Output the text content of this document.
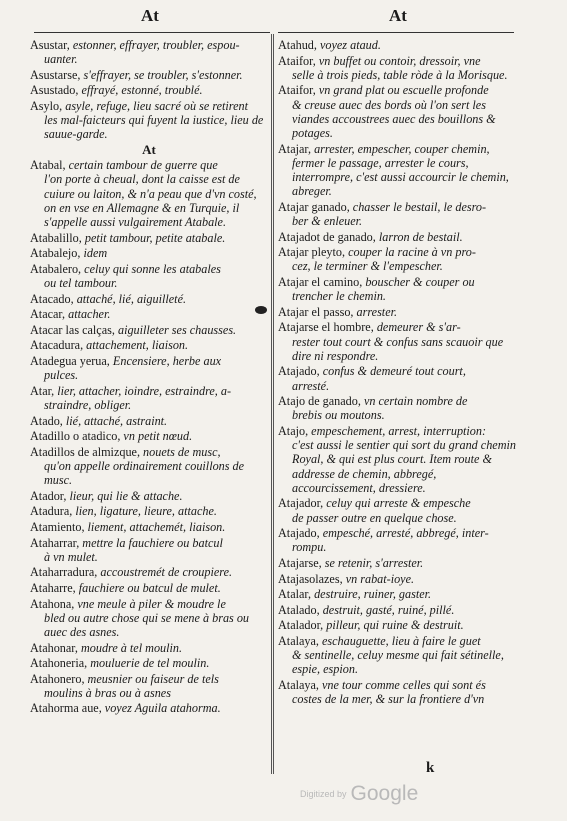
At	At
Asustar, estonner, effrayer, troubler, espou-
uanter.
Asustarse, s'effrayer, se troubler, s'estonner.
Asustado, effrayé, estonné, troublé.
Asylo, asyle, refuge, lieu sacré où se retirent
les mal-faicteurs qui fuyent la iustice, lieu de sauue-garde.
At
Atabal, certain tambour de guerre que
l'on porte à cheual, dont la caisse est de cuiure ou laiton, & n'a peau que d'vn costé, on en vse en Allemagne & en Turquie, il s'appelle aussi vulgairement Atabale.
Atabalillo, petit tambour, petite atabale.
Atabalejo, idem
Atabalero, celuy qui sonne les atabales
ou tel tambour.
Atacado, attaché, lié, aiguilleté.
Atacar, attacher.
Atacar las calças, aiguilleter ses chausses.
Atacadura, attachement, liaison.
Atadegua yerua, Encensiere, herbe aux
pulces.
Atar, lier, attacher, ioindre, estraindre, a-
straindre, obliger.
Atado, lié, attaché, astraint.
Atadillo o atadico, vn petit nœud.
Atadillos de almizque, nouets de musc,
qu'on appelle ordinairement couillons de musc.
Atador, lieur, qui lie & attache.
Atadura, lien, ligature, lieure, attache.
Atamiento, liement, attachemét, liaison.
Ataharrar, mettre la fauchiere ou batcul
à vn mulet.
Ataharradura, accoustremét de croupiere.
Ataharre, fauchiere ou batcul de mulet.
Atahona, vne meule à piler & moudre le
bled ou autre chose qui se mene à bras ou auec des asnes.
Atahonar, moudre à tel moulin.
Atahoneria, mouluerie de tel moulin.
Atahonero, meusnier ou faiseur de tels
moulins à bras ou à asnes
Atahorma aue, voyez Aguila atahorma.
Atahud, voyez ataud.
Ataifor, vn buffet ou contoir, dressoir, vne
selle à trois pieds, table ròde à la Morisque.
Ataifor, vn grand plat ou escuelle profonde
& creuse auec des bords où l'on sert les viandes accoustrees auec des bouillons & potages.
Atajar, arrester, empescher, couper chemin,
fermer le passage, arrester le cours, interrompre, c'est aussi accourcir le chemin, abreger.
Atajar ganado, chasser le bestail, le desro-
ber & enleuer.
Atajadot de ganado, larron de bestail.
Atajar pleyto, couper la racine à vn pro-
cez, le terminer & l'empescher.
Atajar el camino, bouscher & couper ou
trencher le chemin.
Atajar el passo, arrester.
Atajarse el hombre, demeurer & s'ar-
rester tout court & confus sans scauoir que dire ni respondre.
Atajado, confus & demeuré tout court,
arresté.
Atajo de ganado, vn certain nombre de
brebis ou moutons.
Atajo, empeschement, arrest, interruption:
c'est aussi le sentier qui sort du grand chemin Royal, & qui est plus court. Item route & addresse de chemin, abbregé, accourcissement, dressiere.
Atajador, celuy qui arreste & empesche
de passer outre en quelque chose.
Atajado, empesché, arresté, abbregé, inter-
rompu.
Atajarse, se retenir, s'arrester.
Atajasolazes, vn rabat-ioye.
Atalar, destruire, ruiner, gaster.
Atalado, destruit, gasté, ruiné, pillé.
Atalador, pilleur, qui ruine & destruit.
Atalaya, eschauguette, lieu à faire le guet
& sentinelle, celuy mesme qui fait sétinelle, espie, espion.
Atalaya, vne tour comme celles qui sont és
costes de la mer, & sur la frontiere d'vn
k
Digitized by Google
